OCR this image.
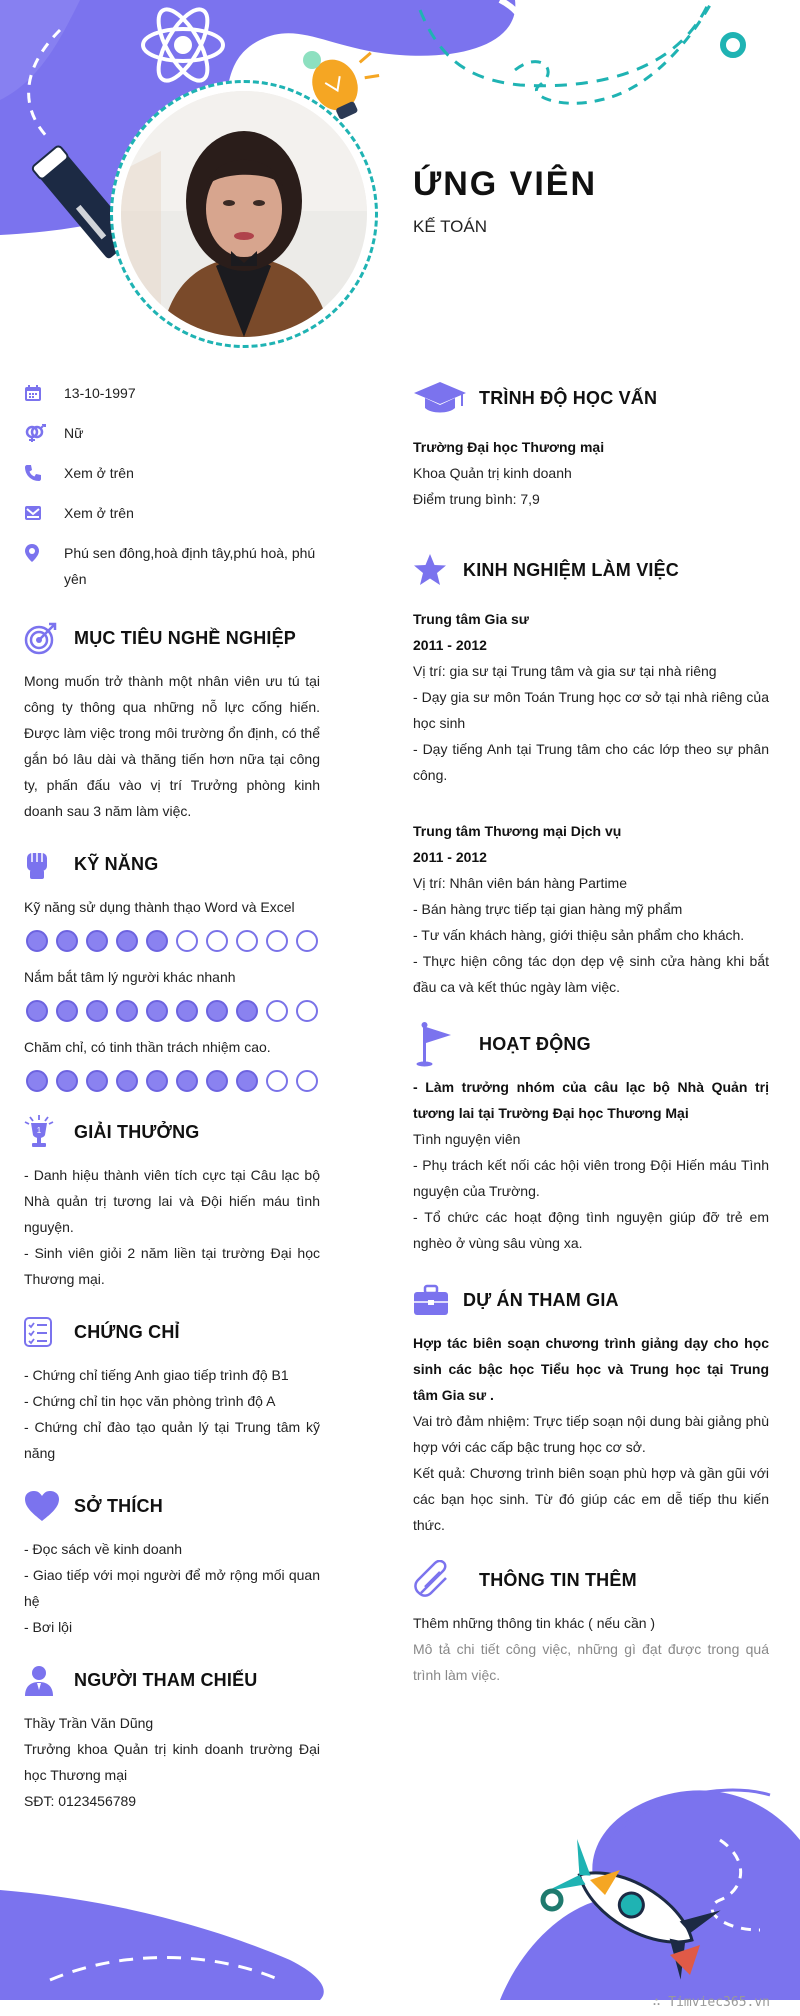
ỨNG VIÊN
KẾ TOÁN
13-10-1997
Nữ
Xem ở trên
Xem ở trên
Phú sen đông,hoà định tây,phú hoà, phú yên
MỤC TIÊU NGHỀ NGHIỆP
Mong muốn trở thành một nhân viên ưu tú tại công ty thông qua những nỗ lực cống hiến. Được làm việc trong môi trường ổn định, có thể gắn bó lâu dài và thăng tiến hơn nữa tại công ty, phấn đấu vào vị trí Trưởng phòng kinh doanh sau 3 năm làm việc.
KỸ NĂNG
Kỹ năng sử dụng thành thạo Word và Excel
Nắm bắt tâm lý người khác nhanh
Chăm chỉ, có tinh thần trách nhiệm cao.
1 GIẢI THƯỞNG
- Danh hiệu thành viên tích cực tại Câu lạc bộ Nhà quản trị tương lai và Đội hiến máu tình nguyện.
- Sinh viên giỏi 2 năm liền tại trường Đại học Thương mại.
CHỨNG CHỈ
- Chứng chỉ tiếng Anh giao tiếp trình độ B1
- Chứng chỉ tin học văn phòng trình độ A
- Chứng chỉ đào tạo quản lý tại Trung tâm kỹ năng
SỞ THÍCH
- Đọc sách về kinh doanh
- Giao tiếp với mọi người để mở rộng mối quan hệ
- Bơi lội
NGƯỜI THAM CHIẾU
Thầy Trần Văn Dũng
Trưởng khoa Quản trị kinh doanh trường Đại học Thương mại
SĐT: 0123456789
TRÌNH ĐỘ HỌC VẤN
Trường Đại học Thương mại
Khoa Quản trị kinh doanh
Điểm trung bình: 7,9
KINH NGHIỆM LÀM VIỆC
Trung tâm Gia sư
2011 - 2012
Vị trí: gia sư tại Trung tâm và gia sư tại nhà riêng
- Dạy gia sư môn Toán Trung học cơ sở tại nhà riêng của học sinh
- Dạy tiếng Anh tại Trung tâm cho các lớp theo sự phân công.
Trung tâm Thương mại Dịch vụ
2011 - 2012
Vị trí: Nhân viên bán hàng Partime
- Bán hàng trực tiếp tại gian hàng mỹ phẩm
- Tư vấn khách hàng, giới thiệu sản phẩm cho khách.
- Thực hiện công tác dọn dẹp vệ sinh cửa hàng khi bắt đầu ca và kết thúc ngày làm việc.
HOẠT ĐỘNG
- Làm trưởng nhóm của câu lạc bộ Nhà Quản trị tương lai tại Trường Đại học Thương Mại
Tình nguyện viên
- Phụ trách kết nối các hội viên trong Đội Hiến máu Tình nguyện của Trường.
- Tổ chức các hoạt động tình nguyện giúp đỡ trẻ em nghèo ở vùng sâu vùng xa.
DỰ ÁN THAM GIA
Hợp tác biên soạn chương trình giảng dạy cho học sinh các bậc học Tiểu học và Trung học tại Trung tâm Gia sư .
Vai trò đảm nhiệm: Trực tiếp soạn nội dung bài giảng phù hợp với các cấp bậc trung học cơ sở.
Kết quả: Chương trình biên soạn phù hợp và gần gũi với các bạn học sinh. Từ đó giúp các em dễ tiếp thu kiến thức.
THÔNG TIN THÊM
Thêm những thông tin khác ( nếu cần )
Mô tả chi tiết công việc, những gì đạt được trong quá trình làm việc.
∴ Timviec365.vn
